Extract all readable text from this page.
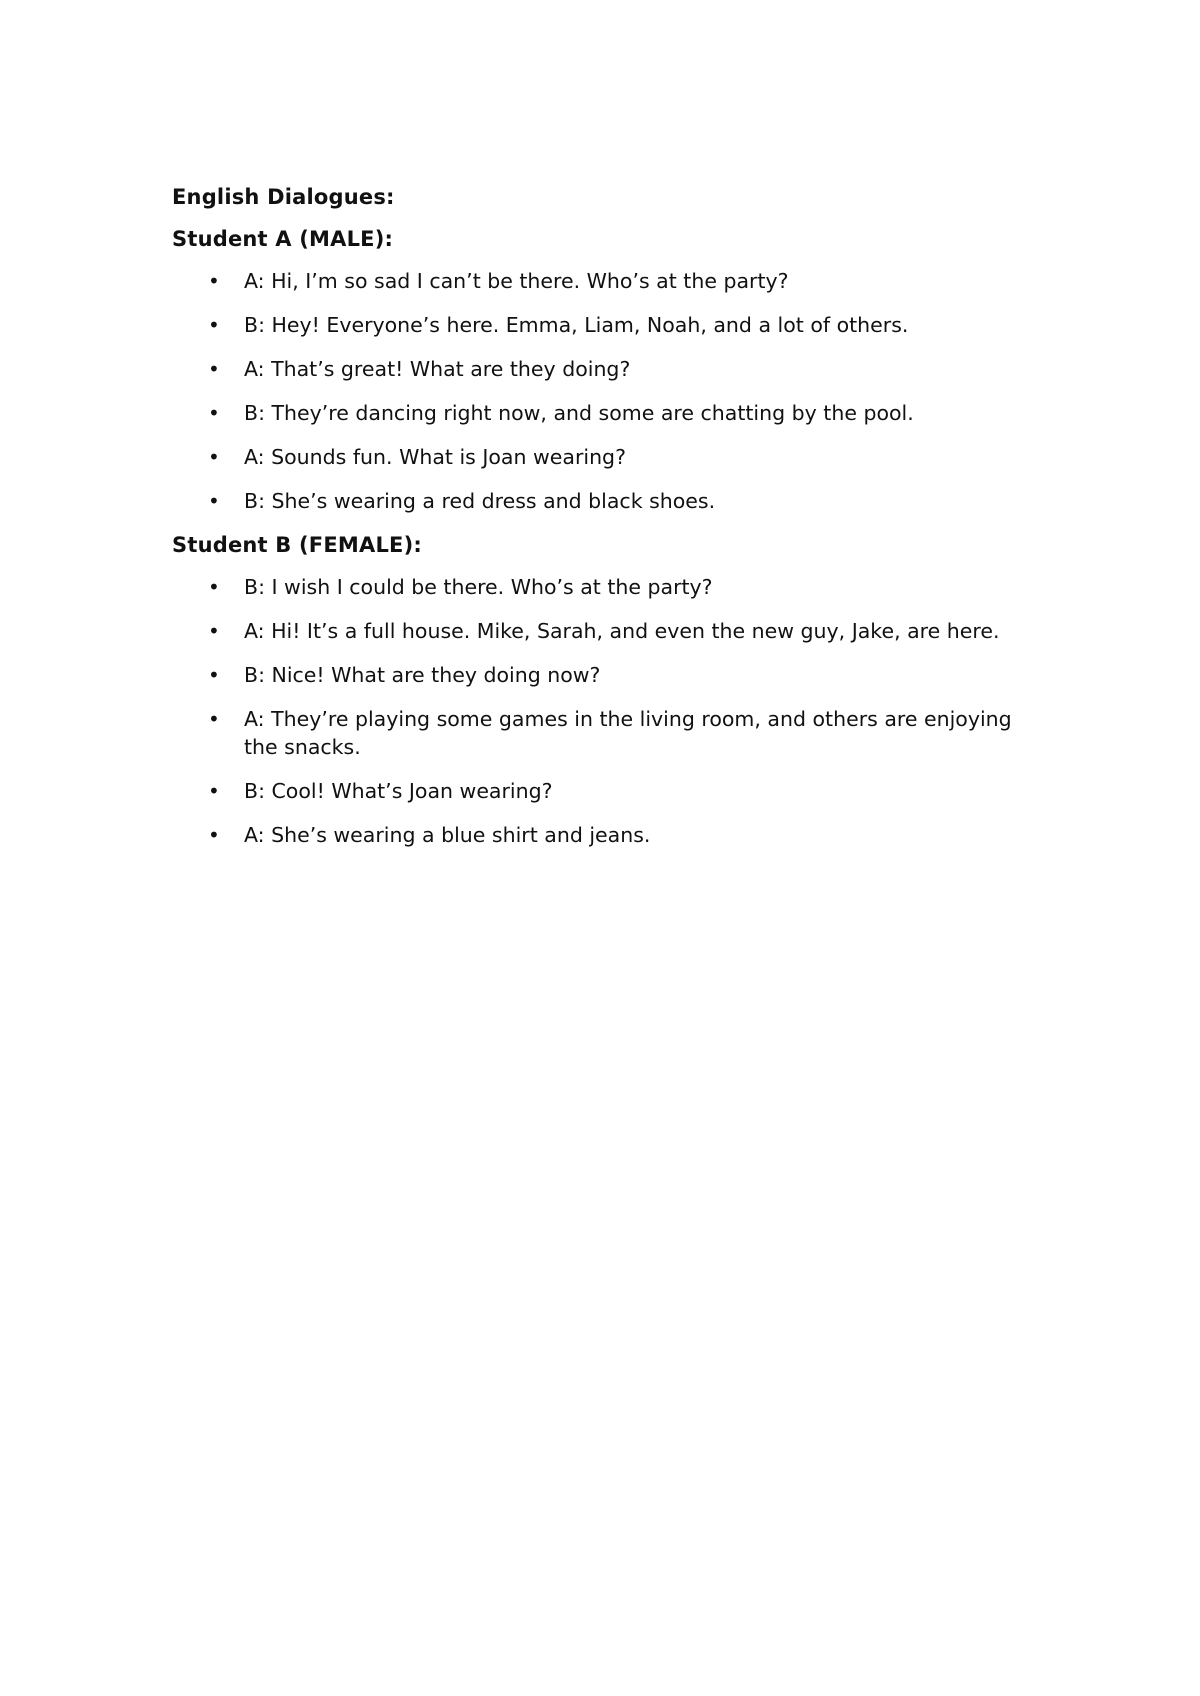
English Dialogues:
Student A (MALE):
•	A: Hi, I’m so sad I can’t be there. Who’s at the party?
•	B: Hey! Everyone’s here. Emma, Liam, Noah, and a lot of others.
•	A: That’s great! What are they doing?
•	B: They’re dancing right now, and some are chatting by the pool.
•	A: Sounds fun. What is Joan wearing?
•	B: She’s wearing a red dress and black shoes.
Student B (FEMALE):
•	B: I wish I could be there. Who’s at the party?
•	A: Hi! It’s a full house. Mike, Sarah, and even the new guy, Jake, are here.
•	B: Nice! What are they doing now?
•	A: They’re playing some games in the living room, and others are enjoying the snacks.
•	B: Cool! What’s Joan wearing?
•	A: She’s wearing a blue shirt and jeans.
